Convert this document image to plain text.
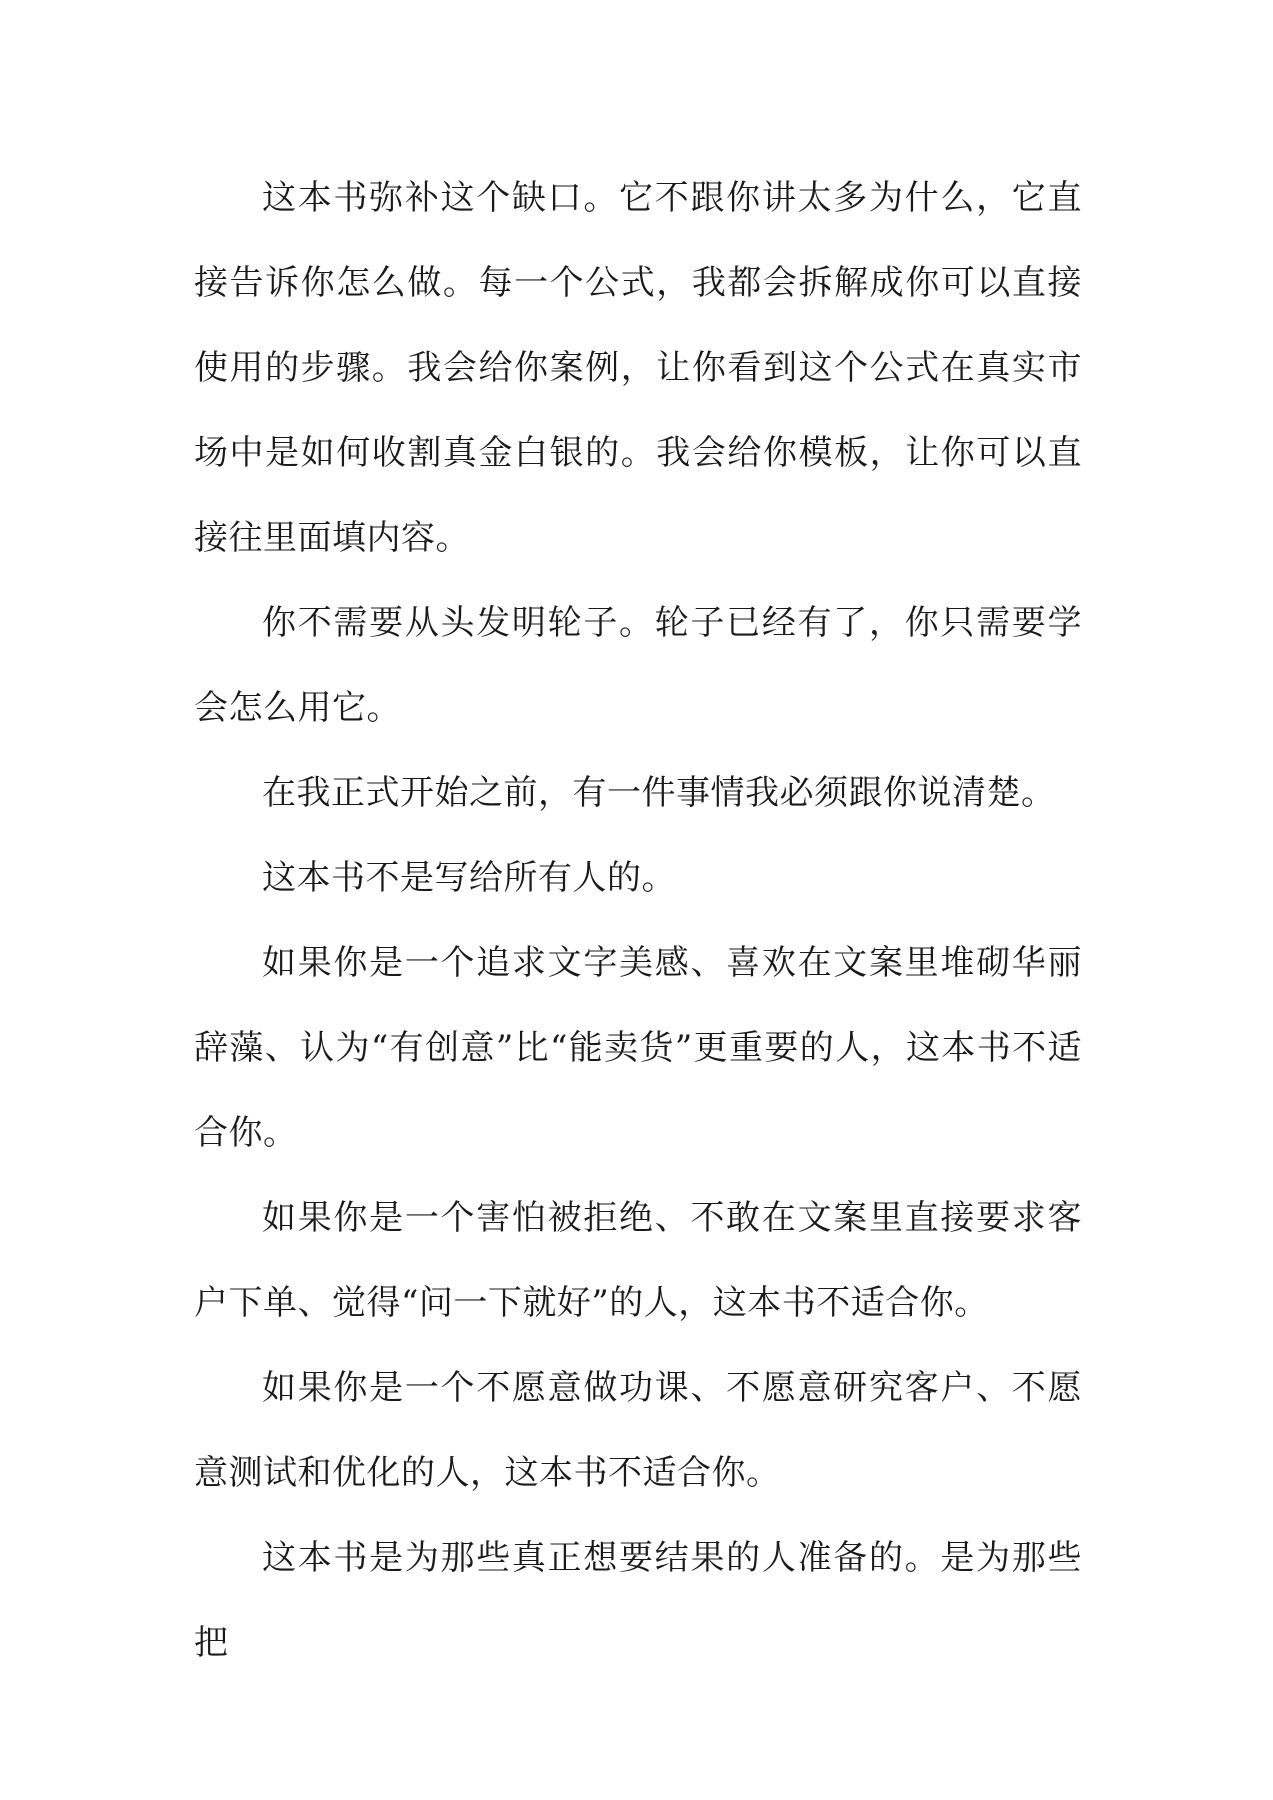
这本书弥补这个缺口。它不跟你讲太多为什么，它直接告诉你怎么做。每一个公式，我都会拆解成你可以直接使用的步骤。我会给你案例，让你看到这个公式在真实市场中是如何收割真金白银的。我会给你模板，让你可以直接往里面填内容。

你不需要从头发明轮子。轮子已经有了，你只需要学会怎么用它。

在我正式开始之前，有一件事情我必须跟你说清楚。

这本书不是写给所有人的。

如果你是一个追求文字美感、喜欢在文案里堆砌华丽辞藻、认为“有创意”比“能卖货”更重要的人，这本书不适合你。

如果你是一个害怕被拒绝、不敢在文案里直接要求客户下单、觉得“问一下就好”的人，这本书不适合你。

如果你是一个不愿意做功课、不愿意研究客户、不愿意测试和优化的人，这本书不适合你。

这本书是为那些真正想要结果的人准备的。是为那些把
